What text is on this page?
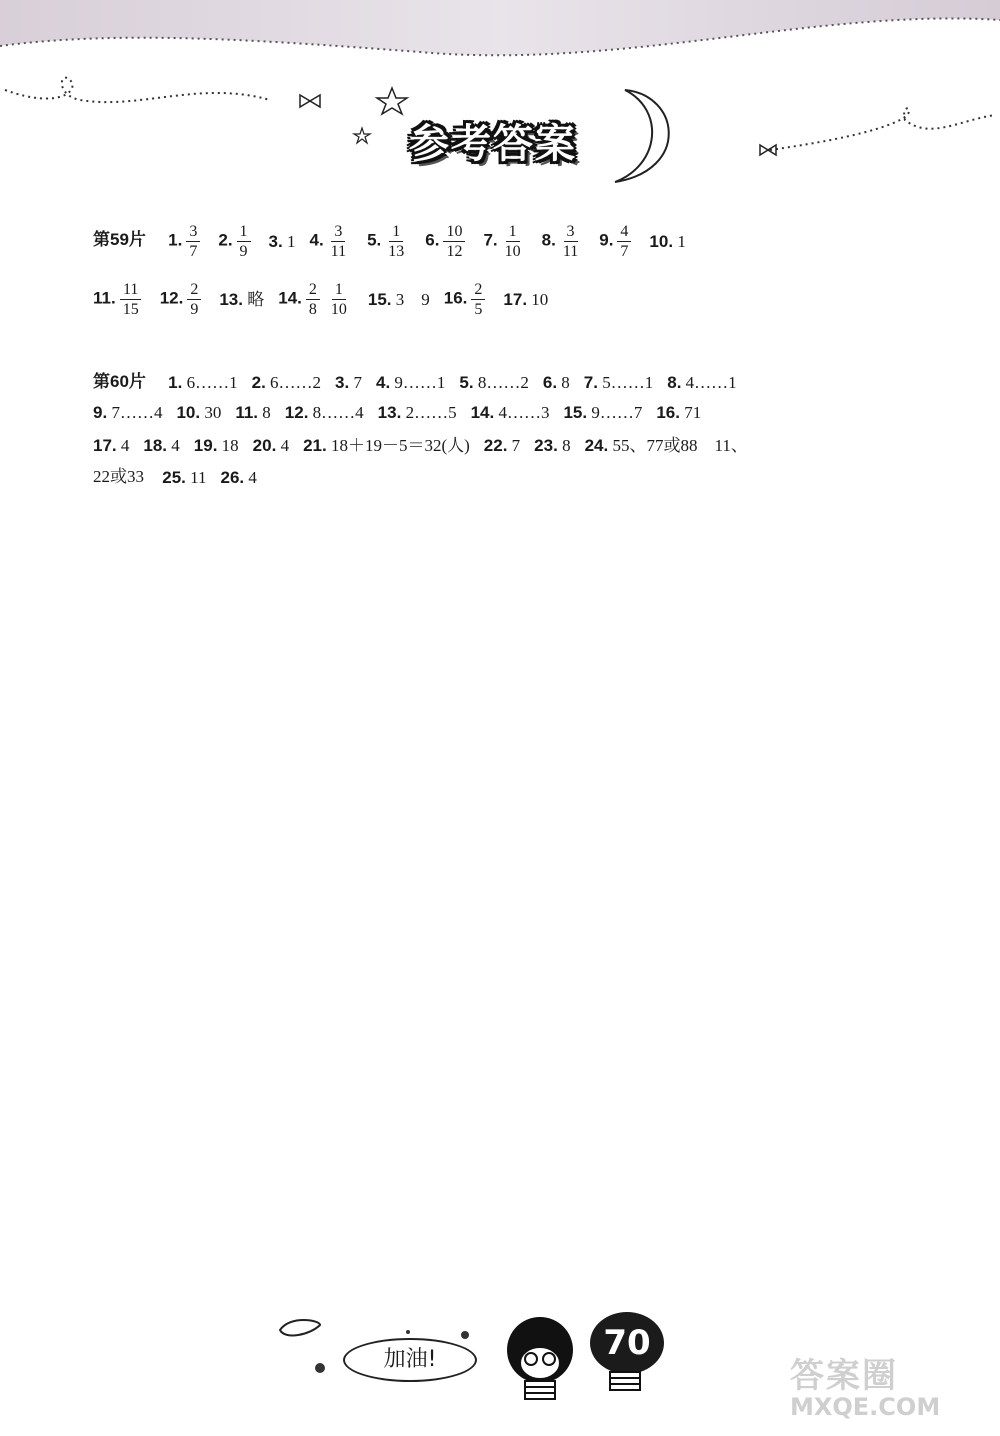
参考答案
第59片 1. $\frac{3}{7} 2$. $\frac{1}{9} 3$. 1 4. $\frac{3}{11} 5$. $\frac{1}{13} 6$. $\frac{10}{12} 7$. $\frac{1}{10} 8$. $\frac{3}{11} 9$. $\frac{4}{7} 10$. 1
11. $\frac{11}{15} 12$. $\frac{2}{9} 13$. 略 14. $\frac{2}{8} \frac{1}{10} 15$. 3　9 16. $\frac{2}{5} 17$. 10
第60片 1. 6……1 2. 6……2 3. 7 4. 9……1 5. 8……2 6. 8 7. 5……1 8. 4……1
9. 7……4 10. 30 11. 8 12. 8……4 13. 2……5 14. 4……3 15. 9……7 16. 71
17. 4 18. 4 19. 18 20. 4 21. 18＋19－5＝32(人) 22. 7 23. 8 24. 55、77或88　11、
22或33 25. 11 26. 4
加油!	70
答案圈
MXQE.COM
